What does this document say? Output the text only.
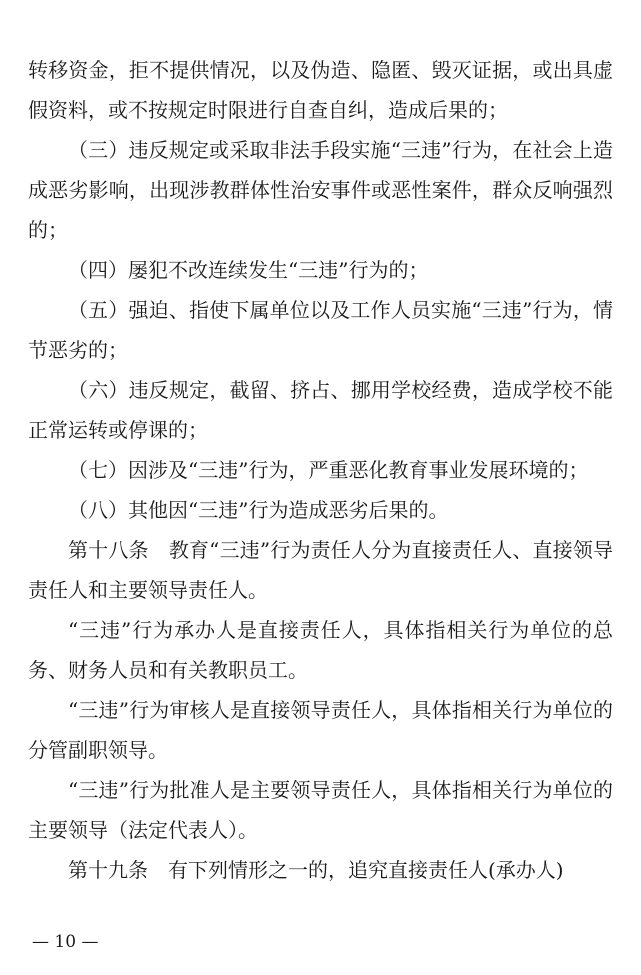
转移资金，拒不提供情况，以及伪造、隐匿、毁灭证据，或出具虚假资料，或不按规定时限进行自查自纠，造成后果的；

（三）违反规定或采取非法手段实施“三违”行为，在社会上造成恶劣影响，出现涉教群体性治安事件或恶性案件，群众反响强烈的；

（四）屡犯不改连续发生“三违”行为的；

（五）强迫、指使下属单位以及工作人员实施“三违”行为，情节恶劣的；

（六）违反规定，截留、挤占、挪用学校经费，造成学校不能正常运转或停课的；

（七）因涉及“三违”行为，严重恶化教育事业发展环境的；

（八）其他因“三违”行为造成恶劣后果的。

第十八条　教育“三违”行为责任人分为直接责任人、直接领导责任人和主要领导责任人。

“三违”行为承办人是直接责任人，具体指相关行为单位的总务、财务人员和有关教职员工。

“三违”行为审核人是直接领导责任人，具体指相关行为单位的分管副职领导。

“三违”行为批准人是主要领导责任人，具体指相关行为单位的主要领导（法定代表人）。

第十九条　有下列情形之一的，追究直接责任人(承办人)

— 10 —
